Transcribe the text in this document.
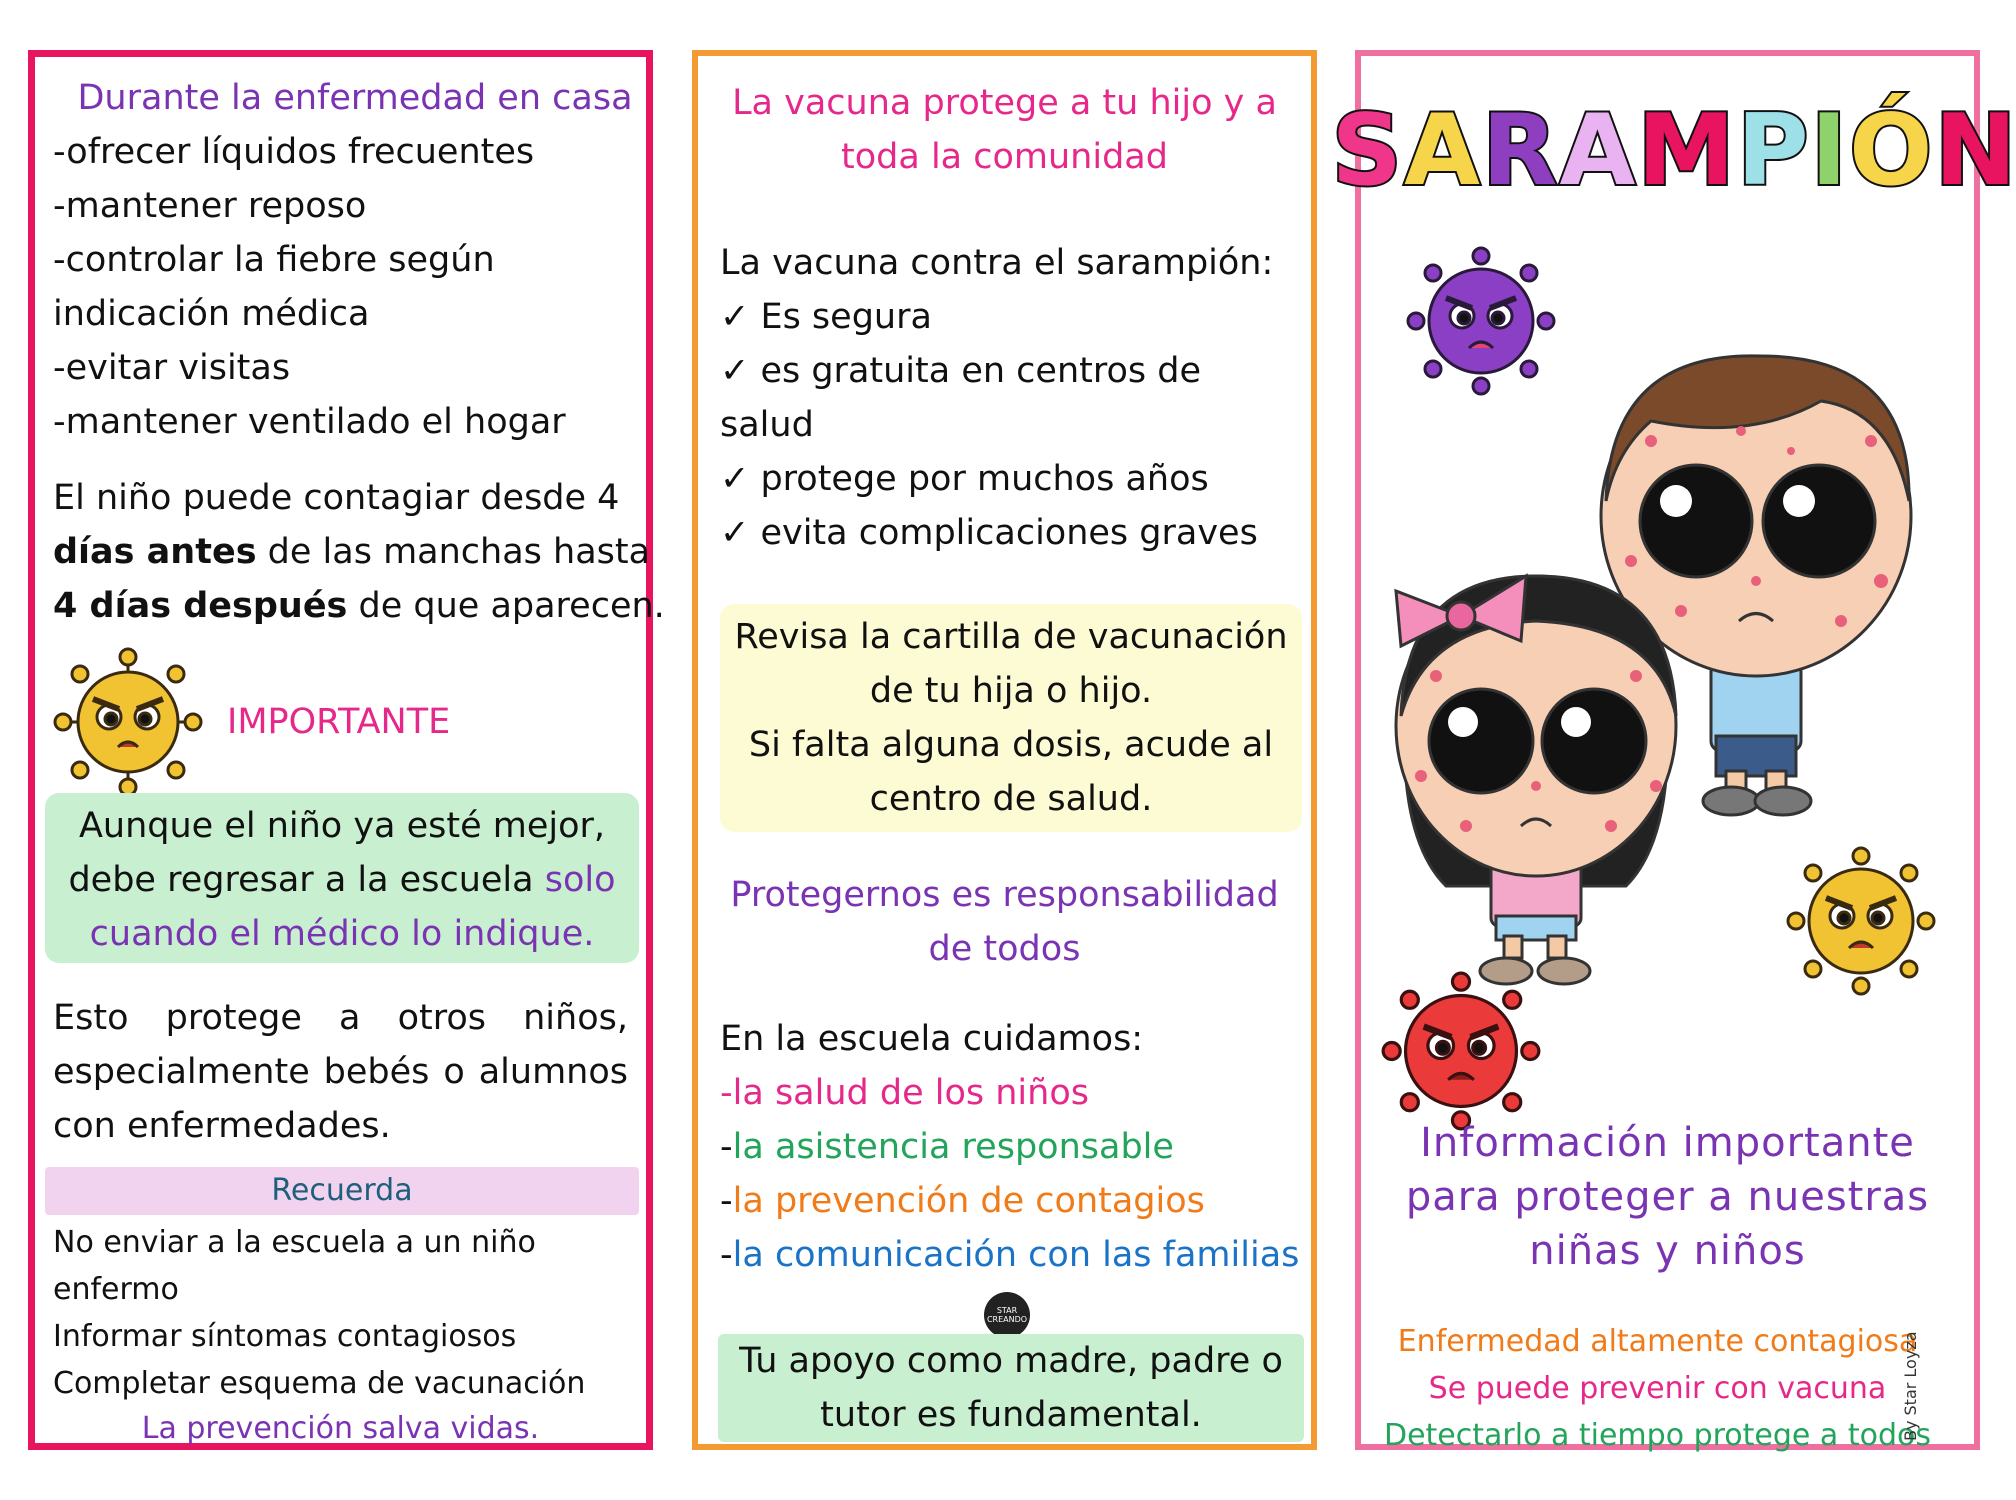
Durante la enfermedad en casa
-ofrecer líquidos frecuentes
-mantener reposo
-controlar la fiebre según
indicación médica
-evitar visitas
-mantener ventilado el hogar
El niño puede contagiar desde 4
días antes de las manchas hasta
4 días después de que aparecen.
IMPORTANTE
Aunque el niño ya esté mejor,
debe regresar a la escuela solo
cuando el médico lo indique.
Esto protege a otros niños,
especialmente bebés o alumnos
con enfermedades.
Recuerda
No enviar a la escuela a un niño
enfermo
Informar síntomas contagiosos
Completar esquema de vacunación
La prevención salva vidas.
La vacuna protege a tu hijo y a
toda la comunidad
La vacuna contra el sarampión:
✓ Es segura
✓ es gratuita en centros de
salud
✓ protege por muchos años
✓ evita complicaciones graves
Revisa la cartilla de vacunación
de tu hija o hijo.
Si falta alguna dosis, acude al
centro de salud.
Protegernos es responsabilidad
de todos
En la escuela cuidamos:
-la salud de los niños
-la asistencia responsable
-la prevención de contagios
-la comunicación con las familias
STAR
CREANDO
Tu apoyo como madre, padre o
tutor es fundamental.
S A R A M P I Ó N
Información importante
para proteger a nuestras
niñas y niños
Enfermedad altamente contagiosa
Se puede prevenir con vacuna
Detectarlo a tiempo protege a todos
By Star Loyza
